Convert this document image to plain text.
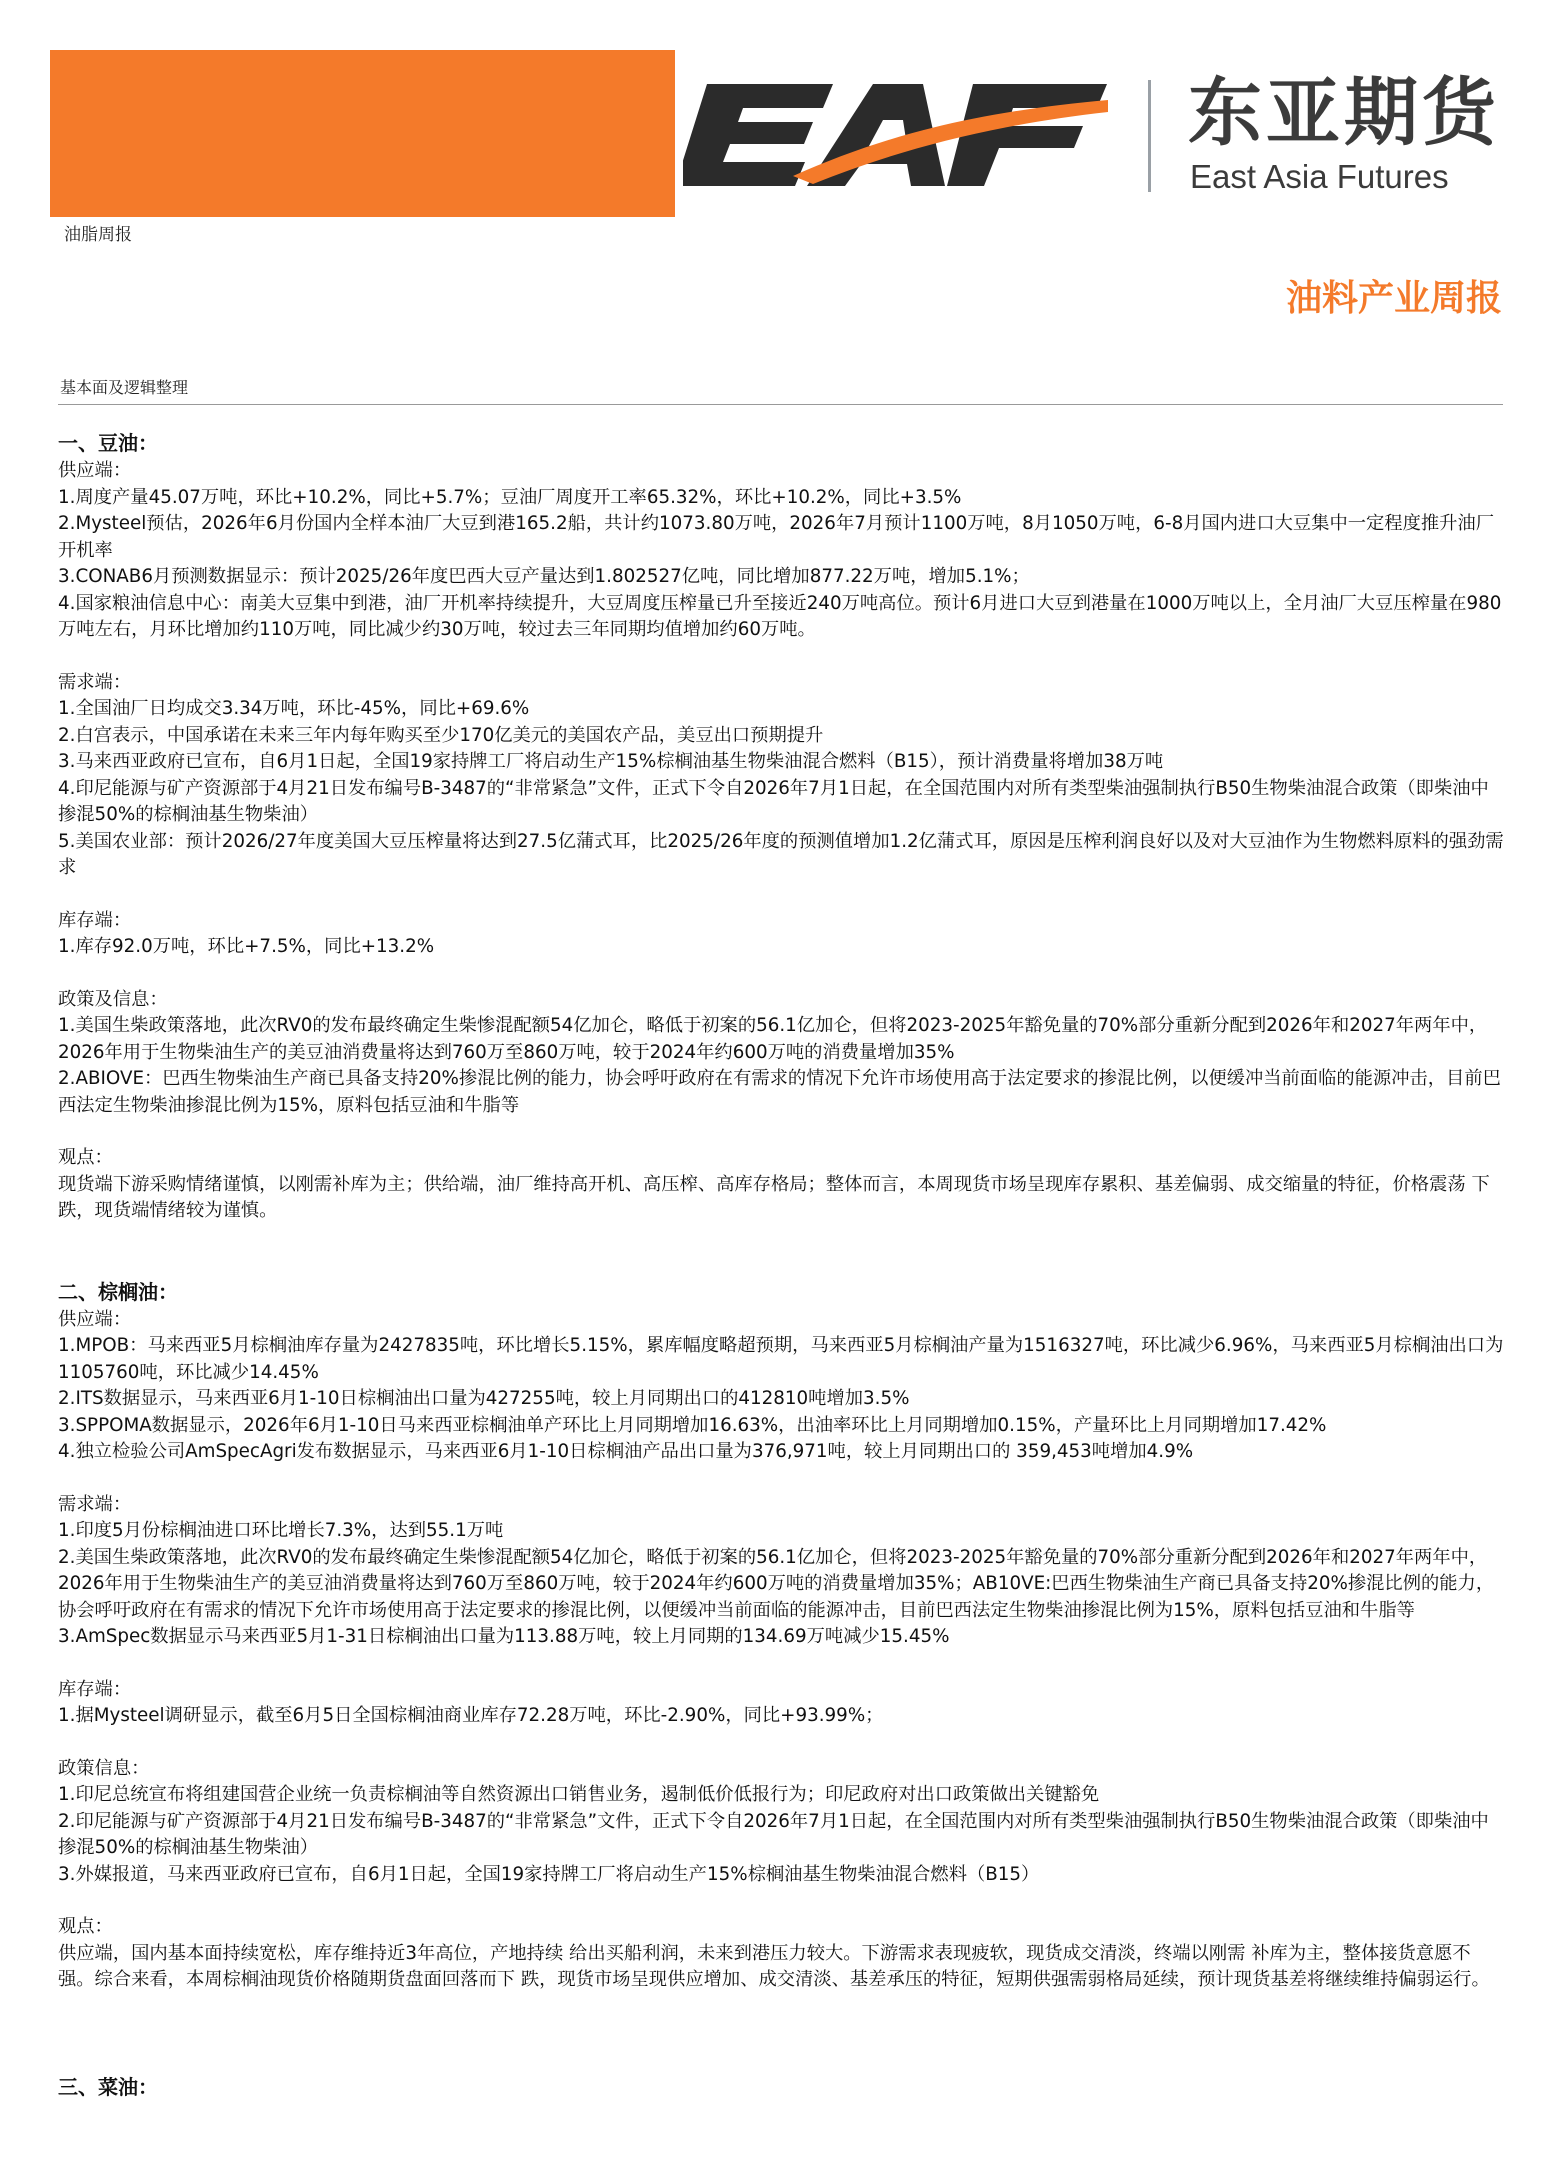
东亚期货
East Asia Futures
油脂周报
油料产业周报
基本面及逻辑整理

一、豆油：

供应端：

1.周度产量45.07万吨，环比+10.2%，同比+5.7%；豆油厂周度开工率65.32%，环比+10.2%，同比+3.5%

2.Mysteel预估，2026年6月份国内全样本油厂大豆到港165.2船，共计约1073.80万吨，2026年7月预计1100万吨，8月1050万吨，6-8月国内进口大豆集中一定程度推升油厂开机率

3.CONAB6月预测数据显示：预计2025/26年度巴西大豆产量达到1.802527亿吨，同比增加877.22万吨，增加5.1%；

4.国家粮油信息中心：南美大豆集中到港，油厂开机率持续提升，大豆周度压榨量已升至接近240万吨高位。预计6月进口大豆到港量在1000万吨以上，全月油厂大豆压榨量在980万吨左右，月环比增加约110万吨，同比减少约30万吨，较过去三年同期均值增加约60万吨。

需求端：

1.全国油厂日均成交3.34万吨，环比-45%，同比+69.6%

2.白宫表示，中国承诺在未来三年内每年购买至少170亿美元的美国农产品，美豆出口预期提升

3.马来西亚政府已宣布，自6月1日起，全国19家持牌工厂将启动生产15%棕榈油基生物柴油混合燃料（B15），预计消费量将增加38万吨

4.印尼能源与矿产资源部于4月21日发布编号B-3487的“非常紧急”文件，正式下令自2026年7月1日起，在全国范围内对所有类型柴油强制执行B50生物柴油混合政策（即柴油中掺混50%的棕榈油基生物柴油）

5.美国农业部：预计2026/27年度美国大豆压榨量将达到27.5亿蒲式耳，比2025/26年度的预测值增加1.2亿蒲式耳，原因是压榨利润良好以及对大豆油作为生物燃料原料的强劲需求

库存端：

1.库存92.0万吨，环比+7.5%，同比+13.2%

政策及信息：

1.美国生柴政策落地，此次RV0的发布最终确定生柴惨混配额54亿加仑，略低于初案的56.1亿加仑，但将2023-2025年豁免量的70%部分重新分配到2026年和2027年两年中，2026年用于生物柴油生产的美豆油消费量将达到760万至860万吨，较于2024年约600万吨的消费量增加35%

2.ABIOVE：巴西生物柴油生产商已具备支持20%掺混比例的能力，协会呼吁政府在有需求的情况下允许市场使用高于法定要求的掺混比例，以便缓冲当前面临的能源冲击，目前巴西法定生物柴油掺混比例为15%，原料包括豆油和牛脂等

观点：

现货端下游采购情绪谨慎，以刚需补库为主；供给端，油厂维持高开机、高压榨、高库存格局；整体而言，本周现货市场呈现库存累积、基差偏弱、成交缩量的特征，价格震荡 下跌，现货端情绪较为谨慎。

二、棕榈油：

供应端：

1.MPOB：马来西亚5月棕榈油库存量为2427835吨，环比增长5.15%，累库幅度略超预期，马来西亚5月棕榈油产量为1516327吨，环比减少6.96%，马来西亚5月棕榈油出口为1105760吨，环比减少14.45%

2.ITS数据显示，马来西亚6月1-10日棕榈油出口量为427255吨，较上月同期出口的412810吨增加3.5%

3.SPPOMA数据显示，2026年6月1-10日马来西亚棕榈油单产环比上月同期增加16.63%，出油率环比上月同期增加0.15%，产量环比上月同期增加17.42%

4.独立检验公司AmSpecAgri发布数据显示，马来西亚6月1-10日棕榈油产品出口量为376,971吨，较上月同期出口的 359,453吨增加4.9%

需求端：

1.印度5月份棕榈油进口环比增长7.3%，达到55.1万吨

2.美国生柴政策落地，此次RV0的发布最终确定生柴惨混配额54亿加仑，略低于初案的56.1亿加仑，但将2023-2025年豁免量的70%部分重新分配到2026年和2027年两年中，2026年用于生物柴油生产的美豆油消费量将达到760万至860万吨，较于2024年约600万吨的消费量增加35%；AB10VE:巴西生物柴油生产商已具备支持20%掺混比例的能力，协会呼吁政府在有需求的情况下允许市场使用高于法定要求的掺混比例，以便缓冲当前面临的能源冲击，目前巴西法定生物柴油掺混比例为15%，原料包括豆油和牛脂等

3.AmSpec数据显示马来西亚5月1-31日棕榈油出口量为113.88万吨，较上月同期的134.69万吨减少15.45%

库存端：

1.据Mysteel调研显示，截至6月5日全国棕榈油商业库存72.28万吨，环比-2.90%，同比+93.99%；

政策信息：

1.印尼总统宣布将组建国营企业统一负责棕榈油等自然资源出口销售业务，遏制低价低报行为；印尼政府对出口政策做出关键豁免

2.印尼能源与矿产资源部于4月21日发布编号B-3487的“非常紧急”文件，正式下令自2026年7月1日起，在全国范围内对所有类型柴油强制执行B50生物柴油混合政策（即柴油中掺混50%的棕榈油基生物柴油）

3.外媒报道，马来西亚政府已宣布，自6月1日起，全国19家持牌工厂将启动生产15%棕榈油基生物柴油混合燃料（B15）

观点：

供应端，国内基本面持续宽松，库存维持近3年高位，产地持续 给出买船利润，未来到港压力较大。下游需求表现疲软，现货成交清淡，终端以刚需 补库为主，整体接货意愿不强。综合来看，本周棕榈油现货价格随期货盘面回落而下 跌，现货市场呈现供应增加、成交清淡、基差承压的特征，短期供强需弱格局延续，预计现货基差将继续维持偏弱运行。

三、菜油：
